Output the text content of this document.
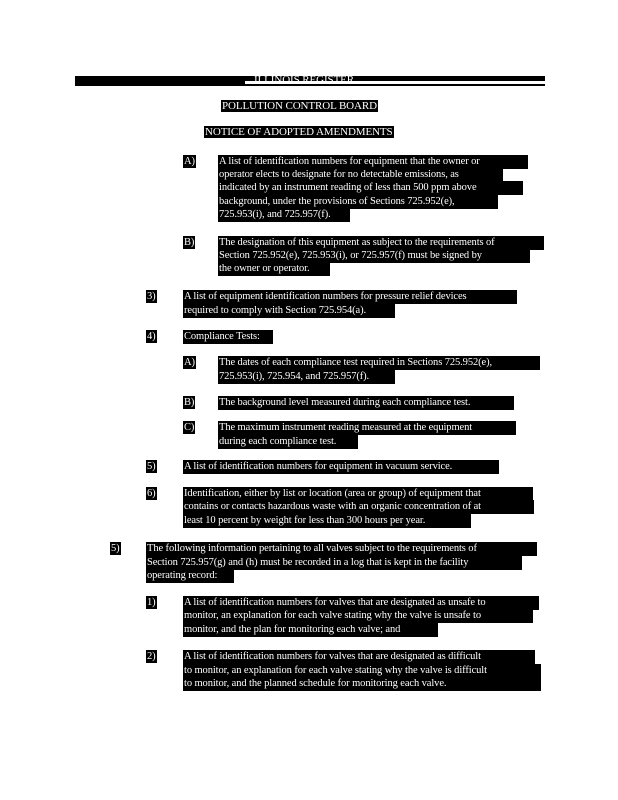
ILLINOIS REGISTER
POLLUTION CONTROL BOARD
NOTICE OF ADOPTED AMENDMENTS
A) A list of identification numbers for equipment that the owner or
operator elects to designate for no detectable emissions, as
indicated by an instrument reading of less than 500 ppm above
background, under the provisions of Sections 725.952(e),
725.953(i), and 725.957(f).
B) The designation of this equipment as subject to the requirements of
Section 725.952(e), 725.953(i), or 725.957(f) must be signed by
the owner or operator.
3)	A list of equipment identification numbers for pressure relief devices
required to comply with Section 725.954(a).
4)	Compliance Tests:
A) The dates of each compliance test required in Sections 725.952(e),
725.953(i), 725.954, and 725.957(f).
B) The background level measured during each compliance test.
C) The maximum instrument reading measured at the equipment
during each compliance test.
5)	A list of identification numbers for equipment in vacuum service.
6)	Identification, either by list or location (area or group) of equipment that
contains or contacts hazardous waste with an organic concentration of at
least 10 percent by weight for less than 300 hours per year.
5)	The following information pertaining to all valves subject to the requirements of
Section 725.957(g) and (h) must be recorded in a log that is kept in the facility
operating record:
1)	A list of identification numbers for valves that are designated as unsafe to
monitor, an explanation for each valve stating why the valve is unsafe to
monitor, and the plan for monitoring each valve; and
2)	A list of identification numbers for valves that are designated as difficult
to monitor, an explanation for each valve stating why the valve is difficult
to monitor, and the planned schedule for monitoring each valve.
